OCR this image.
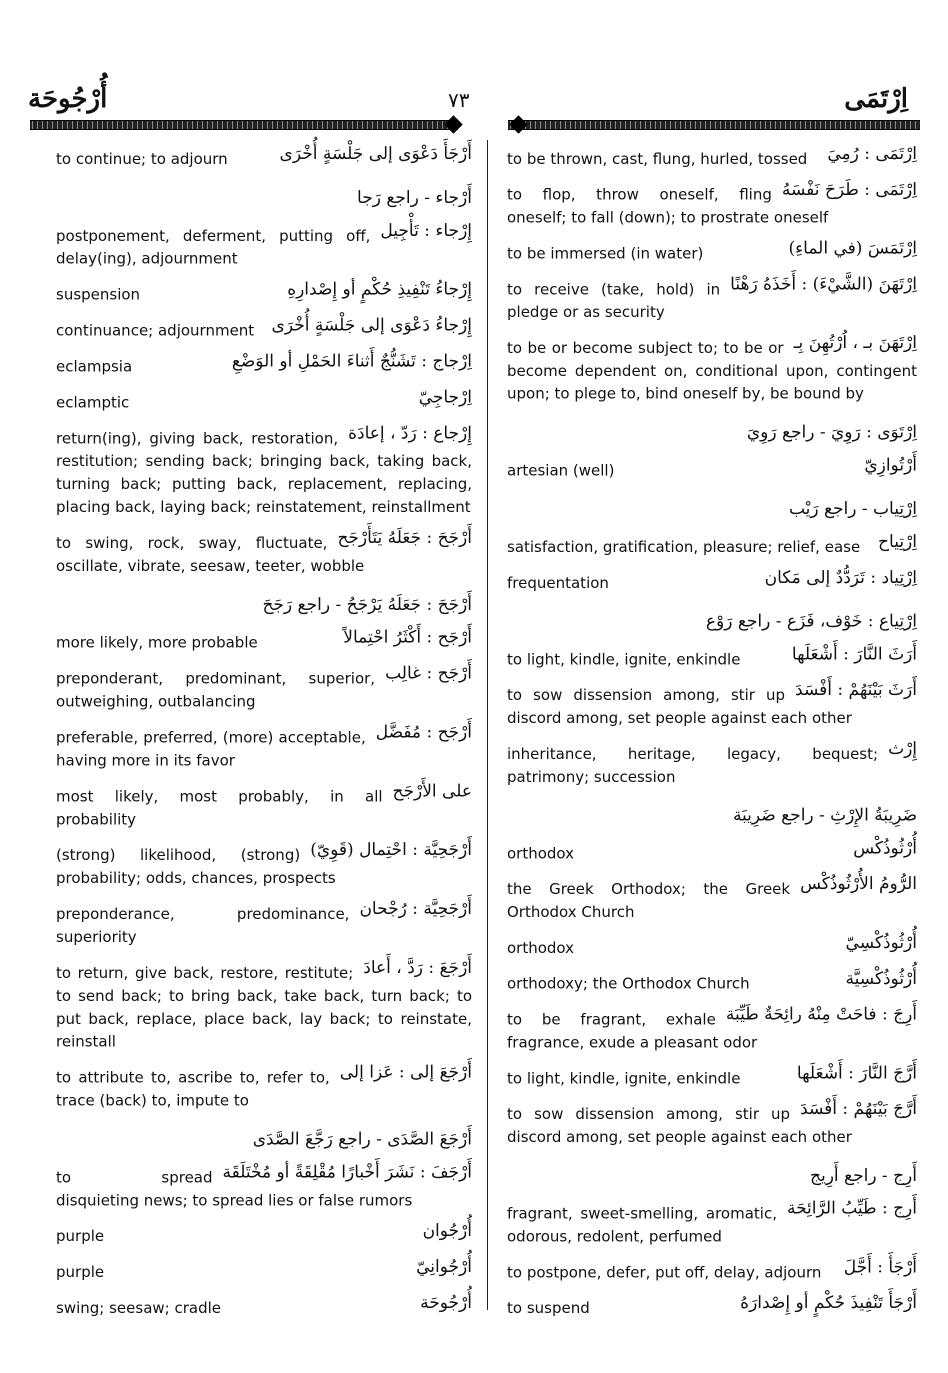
أُرْجُوحَة	٧٣	اِرْتَمَى
أَرْجَأَ دَعْوَى إلى جَلْسَةٍ أُخْرَى
to continue; to adjourn
أَرْجاء - راجع رَجا
إِرْجاء : تَأْجِيل
postponement, deferment, putting off, delay(ing), adjournment
إِرْجاءُ تَنْفِيذِ حُكْمٍ أو إِصْدارِهِ
suspension
إِرْجاءُ دَعْوَى إلى جَلْسَةٍ أُخْرَى
continuance; adjournment
اِرْجاج : تَشَنُّجٌ أَثناءَ الحَمْلِ أو الوَضْعِ
eclampsia
اِرْجاجِيّ
eclamptic
إِرْجاع : رَدّ ، إعادَة
return(ing), giving back, restoration, restitution; sending back; bringing back, taking back, turning back; putting back, replacement, replacing, placing back, laying back; reinstatement, reinstallment
أَرْجَحَ : جَعَلَهُ يَتَأَرْجَح
to swing, rock, sway, fluctuate, oscillate, vibrate, seesaw, teeter, wobble
أَرْجَحَ : جَعَلَهُ يَرْجَحُ - راجع رَجَحَ
أَرْجَح : أَكْثَرُ احْتِمالاً
more likely, more probable
أَرْجَح : غالِب
preponderant, predominant, superior, outweighing, outbalancing
أَرْجَح : مُفَضَّل
preferable, preferred, (more) acceptable, having more in its favor
على الأَرْجَح
most likely, most probably, in all probability
أَرْجَحِيَّة : احْتِمال (قَوِيّ)
(strong) likelihood, (strong) probability; odds, chances, prospects
أَرْجَحِيَّة : رُجْحان
preponderance, predominance, superiority
أَرْجَعَ : رَدَّ ، أَعادَ
to return, give back, restore, restitute; to send back; to bring back, take back, turn back; to put back, replace, place back, lay back; to reinstate, reinstall
أَرْجَعَ إلى : عَزا إلى
to attribute to, ascribe to, refer to, trace (back) to, impute to
أَرْجَعَ الصَّدَى - راجع رَجَّعَ الصَّدَى
أَرْجَفَ : نَشَرَ أَخْبارًا مُقْلِقَةً أو مُخْتَلَقَة
to spread disquieting news; to spread lies or false rumors
أُرْجُوان
purple
أُرْجُوانِيّ
purple
أُرْجُوحَة
swing; seesaw; cradle
اِرْتَمَى : رُمِيَ
to be thrown, cast, flung, hurled, tossed
اِرْتَمَى : طَرَحَ نَفْسَهُ
to flop, throw oneself, fling oneself; to fall (down); to prostrate oneself
اِرْتَمَسَ (في الماءِ)
to be immersed (in water)
اِرْتَهَنَ (الشَّيْءَ) : أَخَذَهُ رَهْنًا
to receive (take, hold) in pledge or as security
اِرْتَهَنَ بـ ، اُرْتُهِنَ بِـ
to be or become subject to; to be or become dependent on, conditional upon, contingent upon; to plege to, bind oneself by, be bound by
اِرْتَوَى : رَوِيَ - راجع رَوِيَ
أَرْتُوازِيّ
artesian (well)
اِرْتِياب - راجع رَيْب
اِرْتِياح
satisfaction, gratification, pleasure; relief, ease
اِرْتِياد : تَرَدُّدٌ إلى مَكان
frequentation
اِرْتِياع : خَوْف، فَزَع - راجع رَوْع
أَرَثَ النَّارَ : أَشْعَلَها
to light, kindle, ignite, enkindle
أَرَثَ بَيْنَهُمْ : أَفْسَدَ
to sow dissension among, stir up discord among, set people against each other
إِرْث
inheritance, heritage, legacy, bequest; patrimony; succession
ضَرِيبَةُ الإِرْثِ - راجع ضَرِيبَة
أُرْثُوذُكْس
orthodox
الرُّومُ الأُرْثُوذُكْس
the Greek Orthodox; the Greek Orthodox Church
أُرْثُوذُكْسِيّ
orthodox
أُرْثُوذُكْسِيَّة
orthodoxy; the Orthodox Church
أَرِجَ : فاحَتْ مِنْهُ رائِحَةٌ طَيِّبَة
to be fragrant, exhale fragrance, exude a pleasant odor
أَرَّجَ النَّارَ : أَشْعَلَها
to light, kindle, ignite, enkindle
أَرَّجَ بَيْنَهُمْ : أَفْسَدَ
to sow dissension among, stir up discord among, set people against each other
أَرِج - راجع أَرِيج
أَرِج : طَيِّبُ الرَّائِحَة
fragrant, sweet-smelling, aromatic, odorous, redolent, perfumed
أَرْجَأَ : أَجَّلَ
to postpone, defer, put off, delay, adjourn
أَرْجَأَ تَنْفِيذَ حُكْمٍ أو إِصْدارَهُ
to suspend
